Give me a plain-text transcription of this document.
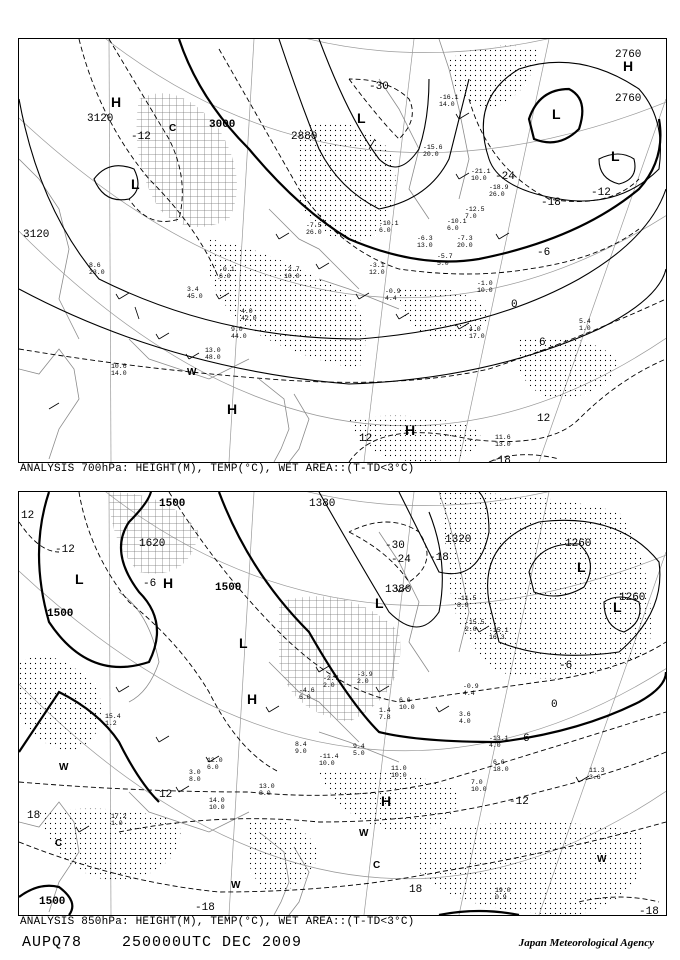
-7.5
26.0
-10.1
6.0
-6.3
13.0
-7.3
20.0
-5.7
5.0
-2.7
10.0
-3.1
12.0
-0.9
4.4
-1.0
10.0
4.0
17.0
5.4
1.0
9.0
44.0
13.0
48.0
10.6
14.0
11.6
13.0
-16.1
14.0
-15.6
20.0
-21.1
10.0
-18.9
26.0
-12.5
7.0
-10.1
6.0
8.6
23.0
3.4
45.0
-0.1
6.0
4.0
42.0
3120	3000
2880
2760
3120
2760
-12
-24
-30
-18
-12
-6
0
6
12
12
-18
H
H
H
H
L
L	L
L
C
W
ANALYSIS 700hPa: HEIGHT(M), TEMP(°C), WET AREA::(T-TD<3°C)
-11.5
8.0
-15.5
2.0 -15.1
16.3
-0.9
4.4
3.6
4.0
11.0
10.0
6.6
18.0
7.0
10.0
11.3
3.6
19.0
0.9
13.0
8.0
14.0
10.0
6.6
10.0
1.4
7.8
9.4
5.0
-2.7
2.0
-3.9
2.0
-13.1
4.0
12.0
6.0
3.0
8.0
15.4
1.2
17.2
1.0
-4.6
6.0
-11.4
10.0
8.4
9.0
1500
1500
1620
1500
1380
1320	1260
1260
1380
1500
12
-12
-6
-30
-24 -18
-6
0
6
-12
12
18
18
-18	-18
L	H
L
L
L
L
H
H
W
W
W
W
C
C
ANALYSIS 850hPa: HEIGHT(M), TEMP(°C), WET AREA::(T-TD<3°C)
AUPQ78	250000UTC DEC 2009	Japan Meteorological Agency
